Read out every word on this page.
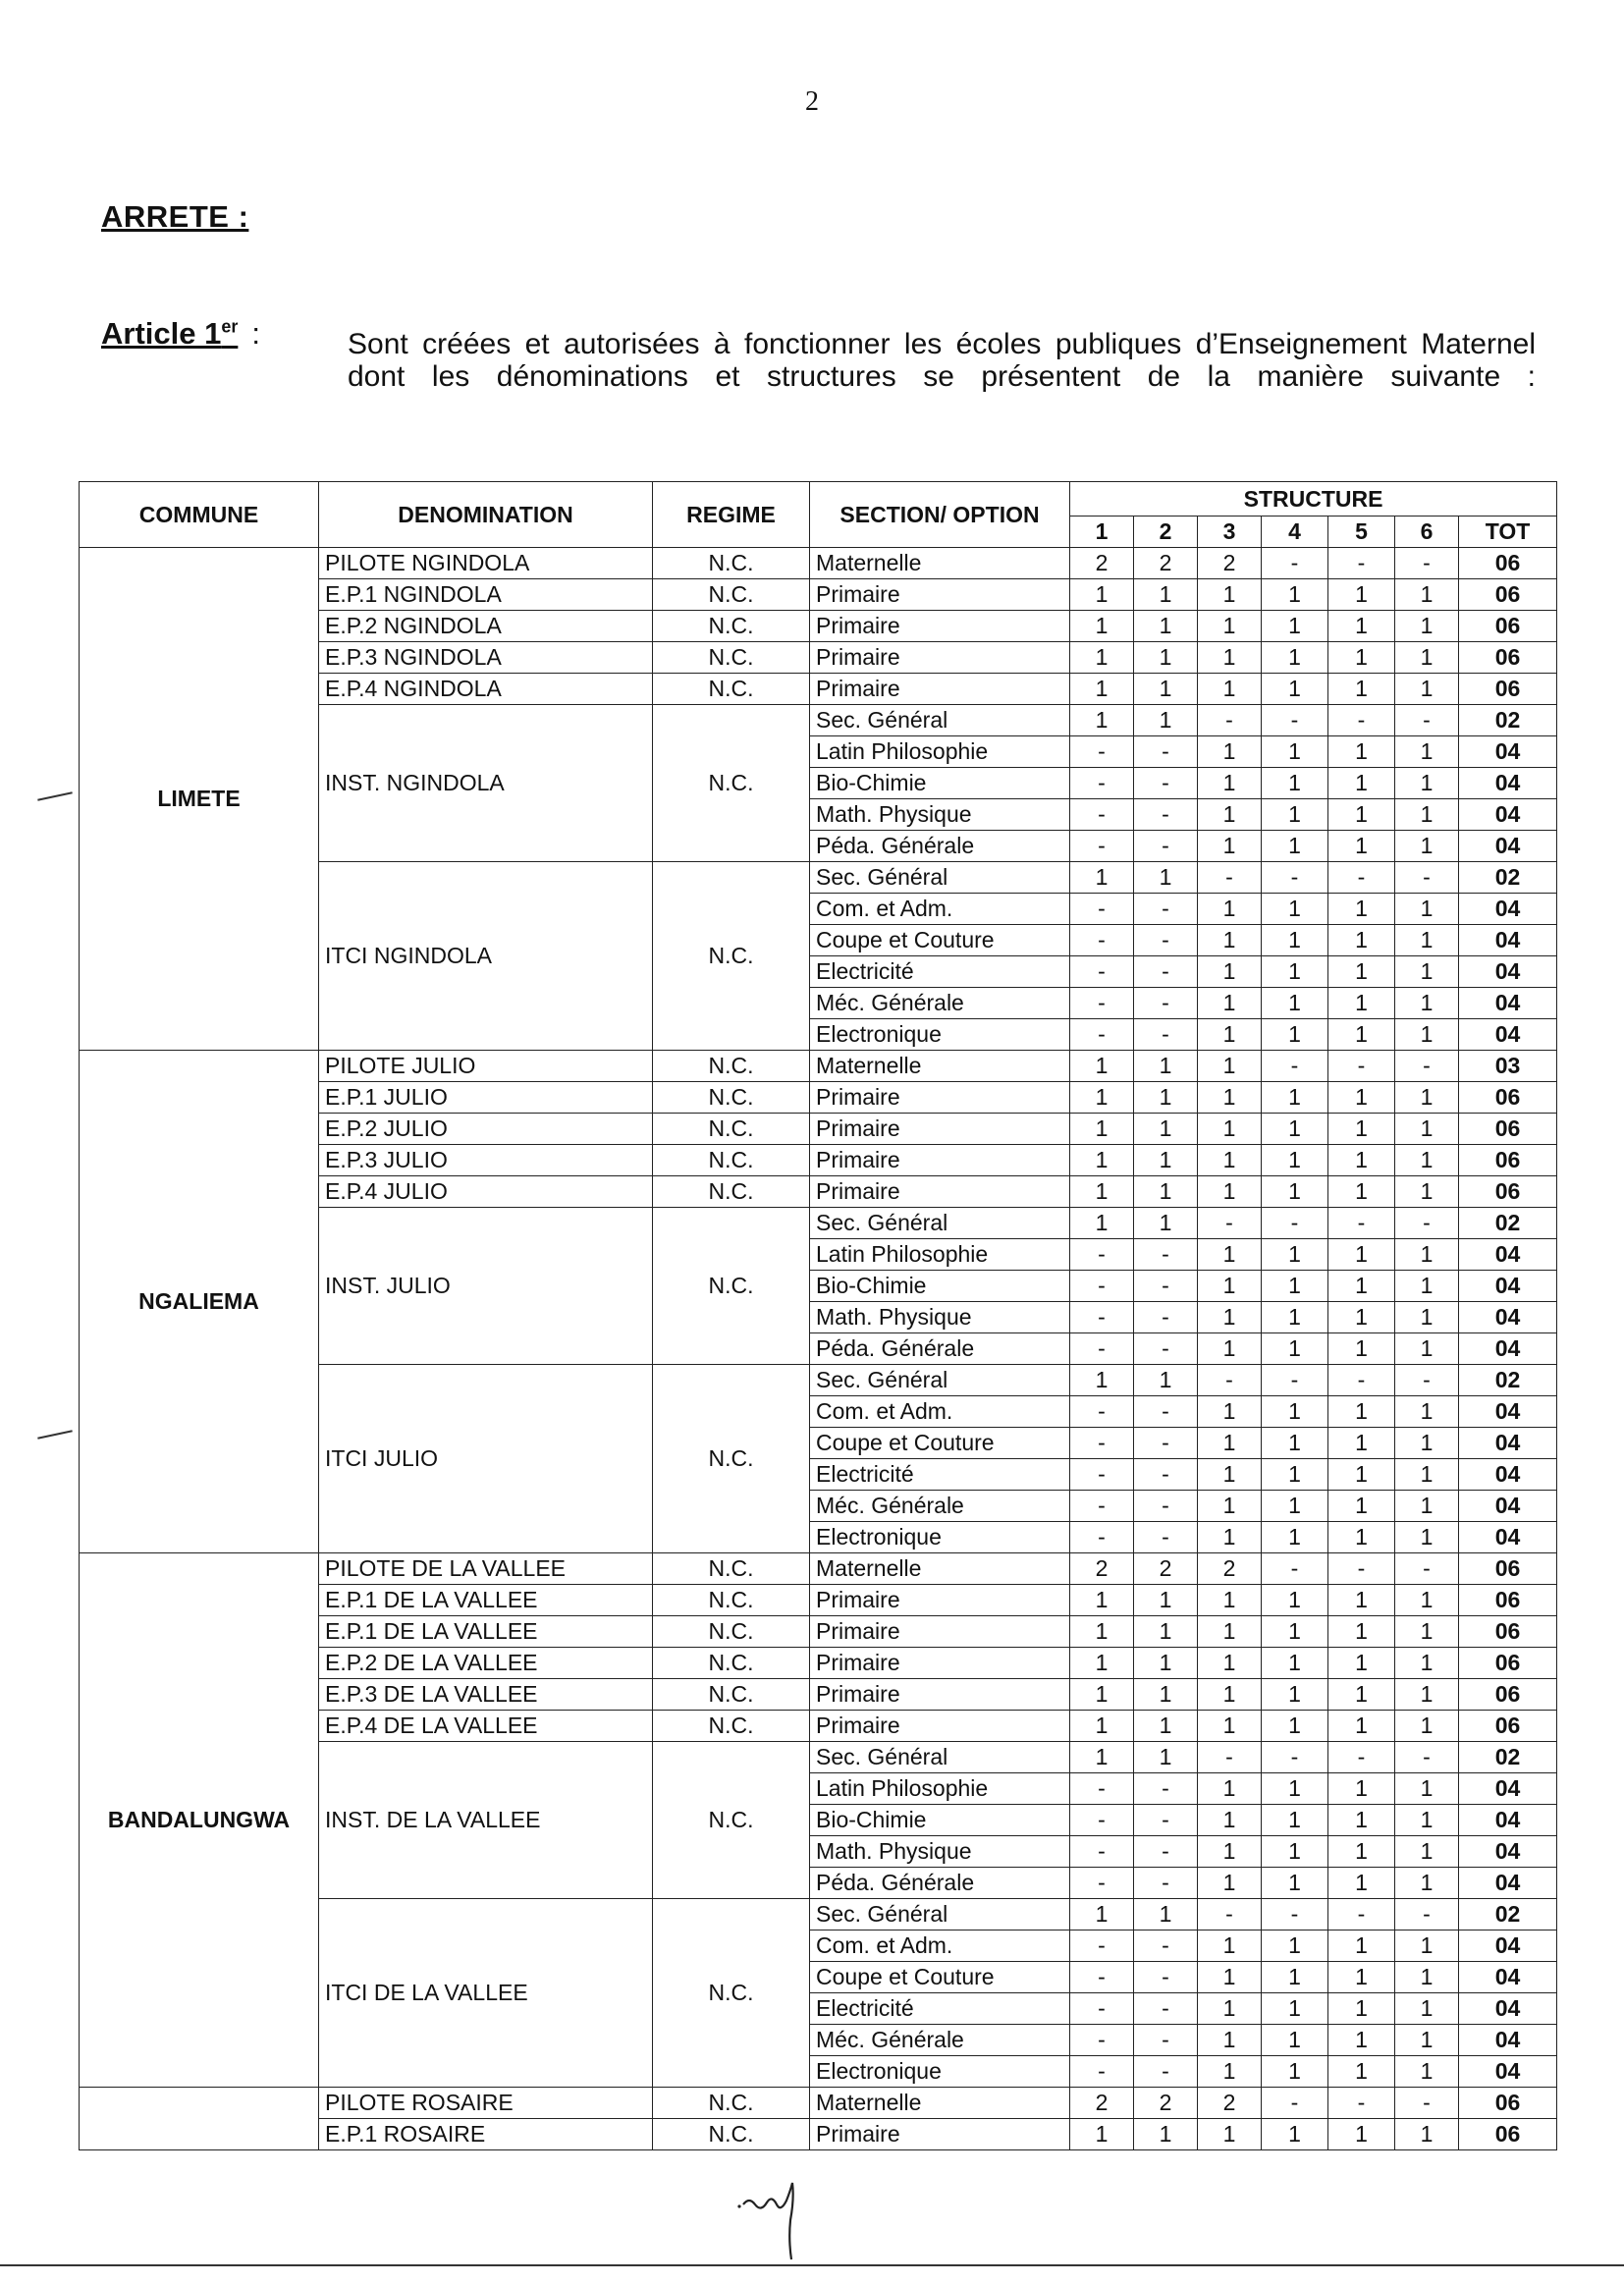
2
ARRETE :
Article 1er :	Sont créées et autorisées à fonctionner les écoles publiques d’Enseignement Maternel dont les dénominations et structures se présentent de la manière suivante :
COMMUNE	DENOMINATION	REGIME	SECTION/ OPTION	STRUCTURE						
				1	2	3	4	5	6	TOT
LIMETE	PILOTE NGINDOLA	N.C.	Maternelle	2	2	2	-	-	-	06
	E.P.1 NGINDOLA	N.C.	Primaire	1	1	1	1	1	1	06
	E.P.2 NGINDOLA	N.C.	Primaire	1	1	1	1	1	1	06
	E.P.3 NGINDOLA	N.C.	Primaire	1	1	1	1	1	1	06
	E.P.4 NGINDOLA	N.C.	Primaire	1	1	1	1	1	1	06
	INST. NGINDOLA	N.C.	Sec. Général	1	1	-	-	-	-	02
			Latin Philosophie	-	-	1	1	1	1	04
			Bio-Chimie	-	-	1	1	1	1	04
			Math. Physique	-	-	1	1	1	1	04
			Péda. Générale	-	-	1	1	1	1	04
	ITCI NGINDOLA	N.C.	Sec. Général	1	1	-	-	-	-	02
			Com. et Adm.	-	-	1	1	1	1	04
			Coupe et Couture	-	-	1	1	1	1	04
			Electricité	-	-	1	1	1	1	04
			Méc. Générale	-	-	1	1	1	1	04
			Electronique	-	-	1	1	1	1	04
NGALIEMA	PILOTE JULIO	N.C.	Maternelle	1	1	1	-	-	-	03
	E.P.1 JULIO	N.C.	Primaire	1	1	1	1	1	1	06
	E.P.2 JULIO	N.C.	Primaire	1	1	1	1	1	1	06
	E.P.3 JULIO	N.C.	Primaire	1	1	1	1	1	1	06
	E.P.4 JULIO	N.C.	Primaire	1	1	1	1	1	1	06
	INST. JULIO	N.C.	Sec. Général	1	1	-	-	-	-	02
			Latin Philosophie	-	-	1	1	1	1	04
			Bio-Chimie	-	-	1	1	1	1	04
			Math. Physique	-	-	1	1	1	1	04
			Péda. Générale	-	-	1	1	1	1	04
	ITCI JULIO	N.C.	Sec. Général	1	1	-	-	-	-	02
			Com. et Adm.	-	-	1	1	1	1	04
			Coupe et Couture	-	-	1	1	1	1	04
			Electricité	-	-	1	1	1	1	04
			Méc. Générale	-	-	1	1	1	1	04
			Electronique	-	-	1	1	1	1	04
BANDALUNGWA	PILOTE DE LA VALLEE	N.C.	Maternelle	2	2	2	-	-	-	06
	E.P.1 DE LA VALLEE	N.C.	Primaire	1	1	1	1	1	1	06
	E.P.1 DE LA VALLEE	N.C.	Primaire	1	1	1	1	1	1	06
	E.P.2 DE LA VALLEE	N.C.	Primaire	1	1	1	1	1	1	06
	E.P.3 DE LA VALLEE	N.C.	Primaire	1	1	1	1	1	1	06
	E.P.4 DE LA VALLEE	N.C.	Primaire	1	1	1	1	1	1	06
	INST. DE LA VALLEE	N.C.	Sec. Général	1	1	-	-	-	-	02
			Latin Philosophie	-	-	1	1	1	1	04
			Bio-Chimie	-	-	1	1	1	1	04
			Math. Physique	-	-	1	1	1	1	04
			Péda. Générale	-	-	1	1	1	1	04
	ITCI DE LA VALLEE	N.C.	Sec. Général	1	1	-	-	-	-	02
			Com. et Adm.	-	-	1	1	1	1	04
			Coupe et Couture	-	-	1	1	1	1	04
			Electricité	-	-	1	1	1	1	04
			Méc. Générale	-	-	1	1	1	1	04
			Electronique	-	-	1	1	1	1	04
	PILOTE ROSAIRE	N.C.	Maternelle	2	2	2	-	-	-	06
	E.P.1 ROSAIRE	N.C.	Primaire	1	1	1	1	1	1	06
